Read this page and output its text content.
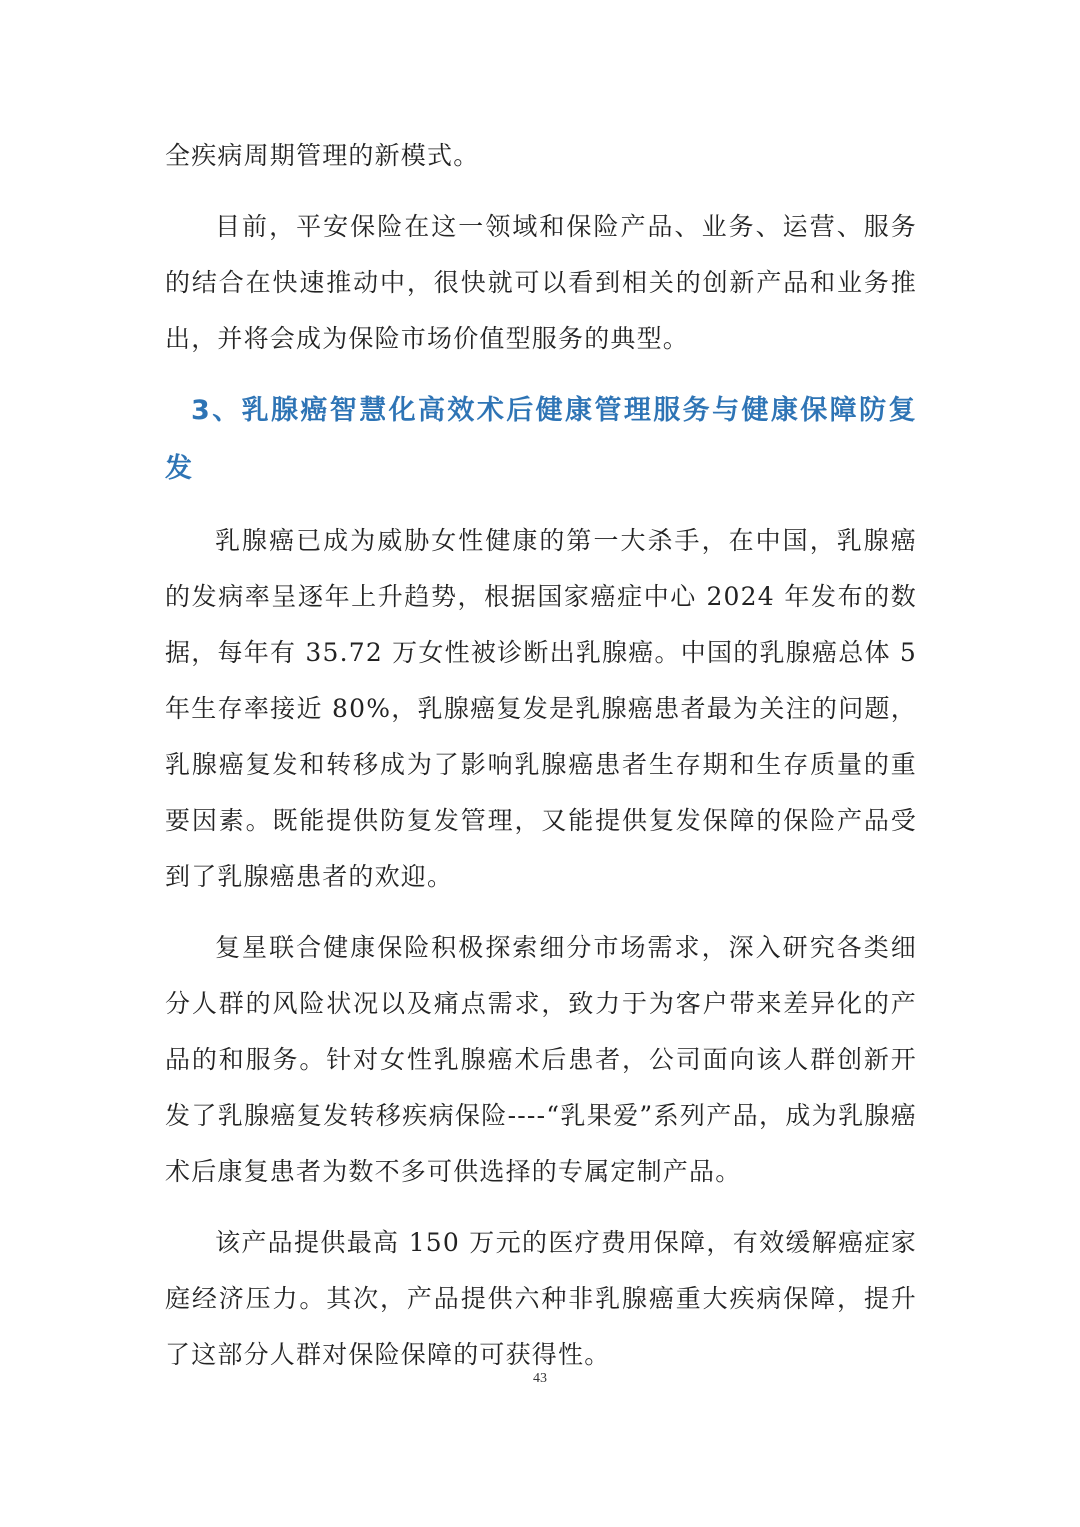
全疾病周期管理的新模式。

目前，平安保险在这一领域和保险产品、业务、运营、服务的结合在快速推动中，很快就可以看到相关的创新产品和业务推出，并将会成为保险市场价值型服务的典型。

3、乳腺癌智慧化高效术后健康管理服务与健康保障防复发

乳腺癌已成为威胁女性健康的第一大杀手，在中国，乳腺癌的发病率呈逐年上升趋势，根据国家癌症中心 2024 年发布的数据，每年有 35.72 万女性被诊断出乳腺癌。中国的乳腺癌总体 5 年生存率接近 80%，乳腺癌复发是乳腺癌患者最为关注的问题，乳腺癌复发和转移成为了影响乳腺癌患者生存期和生存质量的重要因素。既能提供防复发管理，又能提供复发保障的保险产品受到了乳腺癌患者的欢迎。

复星联合健康保险积极探索细分市场需求，深入研究各类细分人群的风险状况以及痛点需求，致力于为客户带来差异化的产品的和服务。针对女性乳腺癌术后患者，公司面向该人群创新开发了乳腺癌复发转移疾病保险----“乳果爱”系列产品，成为乳腺癌术后康复患者为数不多可供选择的专属定制产品。

该产品提供最高 150 万元的医疗费用保障，有效缓解癌症家庭经济压力。其次，产品提供六种非乳腺癌重大疾病保障，提升了这部分人群对保险保障的可获得性。

43
